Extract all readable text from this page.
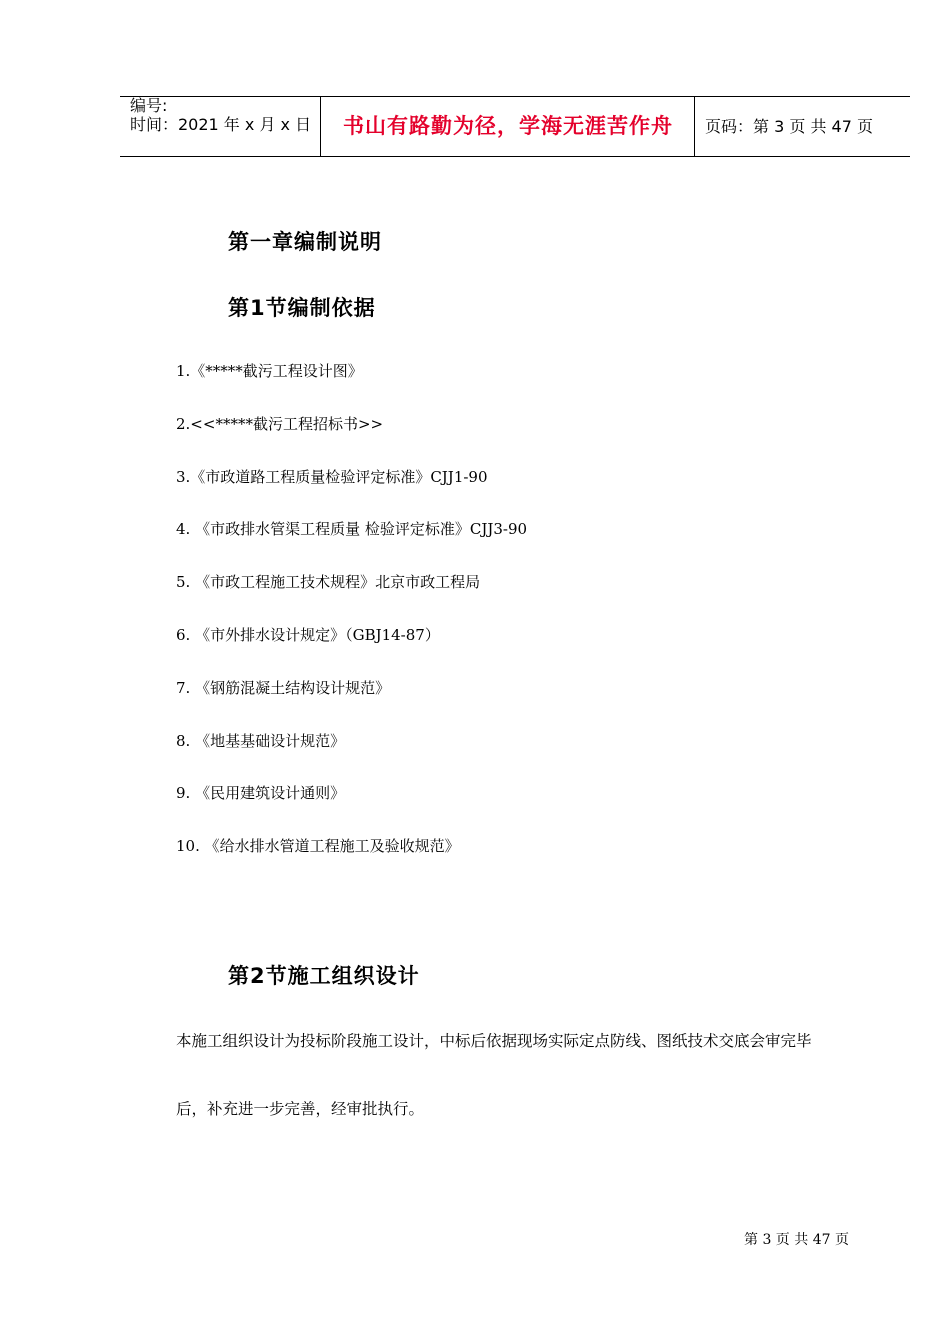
编号:
时间：2021 年 x 月 x 日	书山有路勤为径，学海无涯苦作舟	页码：第 3 页 共 47 页
第一章编制说明
第1节编制依据
1.《*****截污工程设计图》
2.<<*****截污工程招标书>>
3.《市政道路工程质量检验评定标准》CJJ1-90
4. 《市政排水管渠工程质量 检验评定标准》CJJ3-90
5. 《市政工程施工技术规程》北京市政工程局
6. 《市外排水设计规定》（GBJ14-87）
7. 《钢筋混凝土结构设计规范》
8. 《地基基础设计规范》
9. 《民用建筑设计通则》
10. 《给水排水管道工程施工及验收规范》
第2节施工组织设计
本施工组织设计为投标阶段施工设计，中标后依据现场实际定点防线、图纸技术交底会审完毕
后，补充进一步完善，经审批执行。
第 3 页 共 47 页
